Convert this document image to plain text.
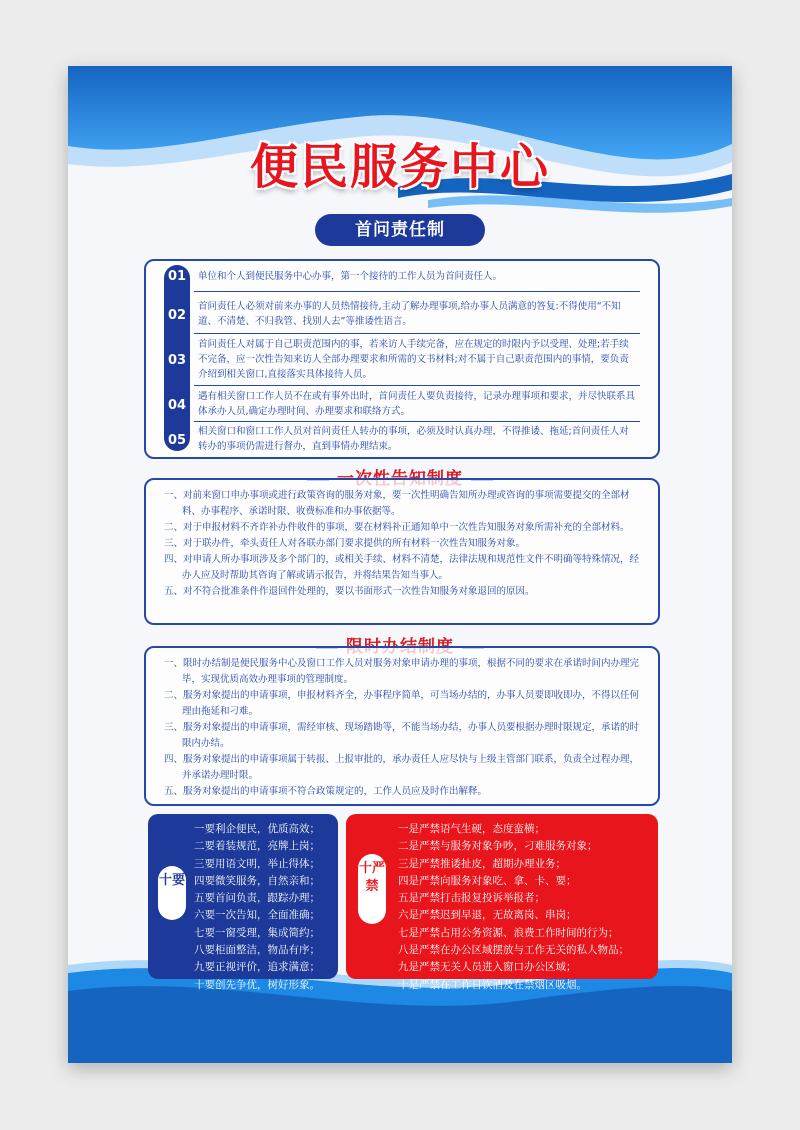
便民服务中心
首问责任制
01	单位和个人到便民服务中心办事，第一个接待的工作人员为首问责任人。
02
首问责任人必须对前来办事的人员热情接待,主动了解办理事项,给办事人员满意的答复:不得使用“不知道、不清楚、不归我管、找别人去”等推诿性语言。
03
首问责任人对属于自己职责范围内的事，若来访人手续完备，应在规定的时限内予以受理、处理;若手续不完备，应一次性告知来访人全部办理要求和所需的文书材料;对不属于自己职责范围内的事情，要负责介绍到相关窗口,直接落实具体接待人员。
04
遇有相关窗口工作人员不在或有事外出时，首问责任人要负责接待，记录办理事项和要求，并尽快联系具体承办人员,确定办理时间、办理要求和联络方式。
05
相关窗口和窗口工作人员对首问责任人转办的事项，必须及时认真办理，不得推诿、拖延;首问责任人对转办的事项仍需进行督办，直到事情办理结束。

一、对前来窗口申办事项或进行政策咨询的服务对象，要一次性明确告知所办理或咨询的事项需要提交的全部材料、办事程序、承诺时限、收费标准和办事依据等。

二、对于申报材料不齐诈补办件收件的事项，要在材料补正通知单中一次性告知服务对象所需补充的全部材料。

三、对于联办件，牵头责任人对各联办部门要求提供的所有材料一次性告知服务对象。

四、对申请人所办事项涉及多个部门的，或相关手续、材料不清楚，法律法规和规范性文件不明确等特殊情况，经办人应及时帮助其咨询了解或请示报告，并将结果告知当事人。

五、对不符合批准条件作退回件处理的，要以书面形式一次性告知服务对象退回的原因。

一、限时办结制是便民服务中心及窗口工作人员对服务对象申请办理的事项，根据不同的要求在承诺时间内办理完毕，实现优质高效办理事项的管理制度。

二、服务对象提出的申请事项，申报材料齐全，办事程序简单，可当场办结的，办事人员要即收即办，不得以任何理由拖延和刁难。

三、服务对象提出的申请事项，需经审核、现场踏勘等，不能当场办结，办事人员要根据办理时限规定，承诺的时限内办结。

四、服务对象提出的申请事项属于转报、上报审批的，承办责任人应尽快与上级主管部门联系，负责全过程办理，并承诺办理时限。

五、服务对象提出的申请事项不符合政策规定的，工作人员应及时作出解释。

十要
一要利企便民，优质高效；
二要着装规范，亮牌上岗；
三要用语文明，举止得体；
四要微笑服务，自然亲和；
五要首问负责，跟踪办理；
六要一次告知，全面准确；
七要一窗受理，集成简约；
八要柜面整洁，物品有序；
九要正视评价，追求满意；
十要创先争优，树好形象。
十严禁
一是严禁语气生硬，态度蛮横；
二是严禁与服务对象争吵，刁难服务对象；
三是严禁推诿扯皮，超期办理业务；
四是严禁向服务对象吃、拿、卡、要；
五是严禁打击报复投诉举报者；
六是严禁迟到早退，无故离岗、串岗；
七是严禁占用公务资源、浪费工作时间的行为；
八是严禁在办公区域摆放与工作无关的私人物品；
九是严禁无关人员进入窗口办公区域；
十是严禁在工作日饮酒及在禁烟区吸烟。
